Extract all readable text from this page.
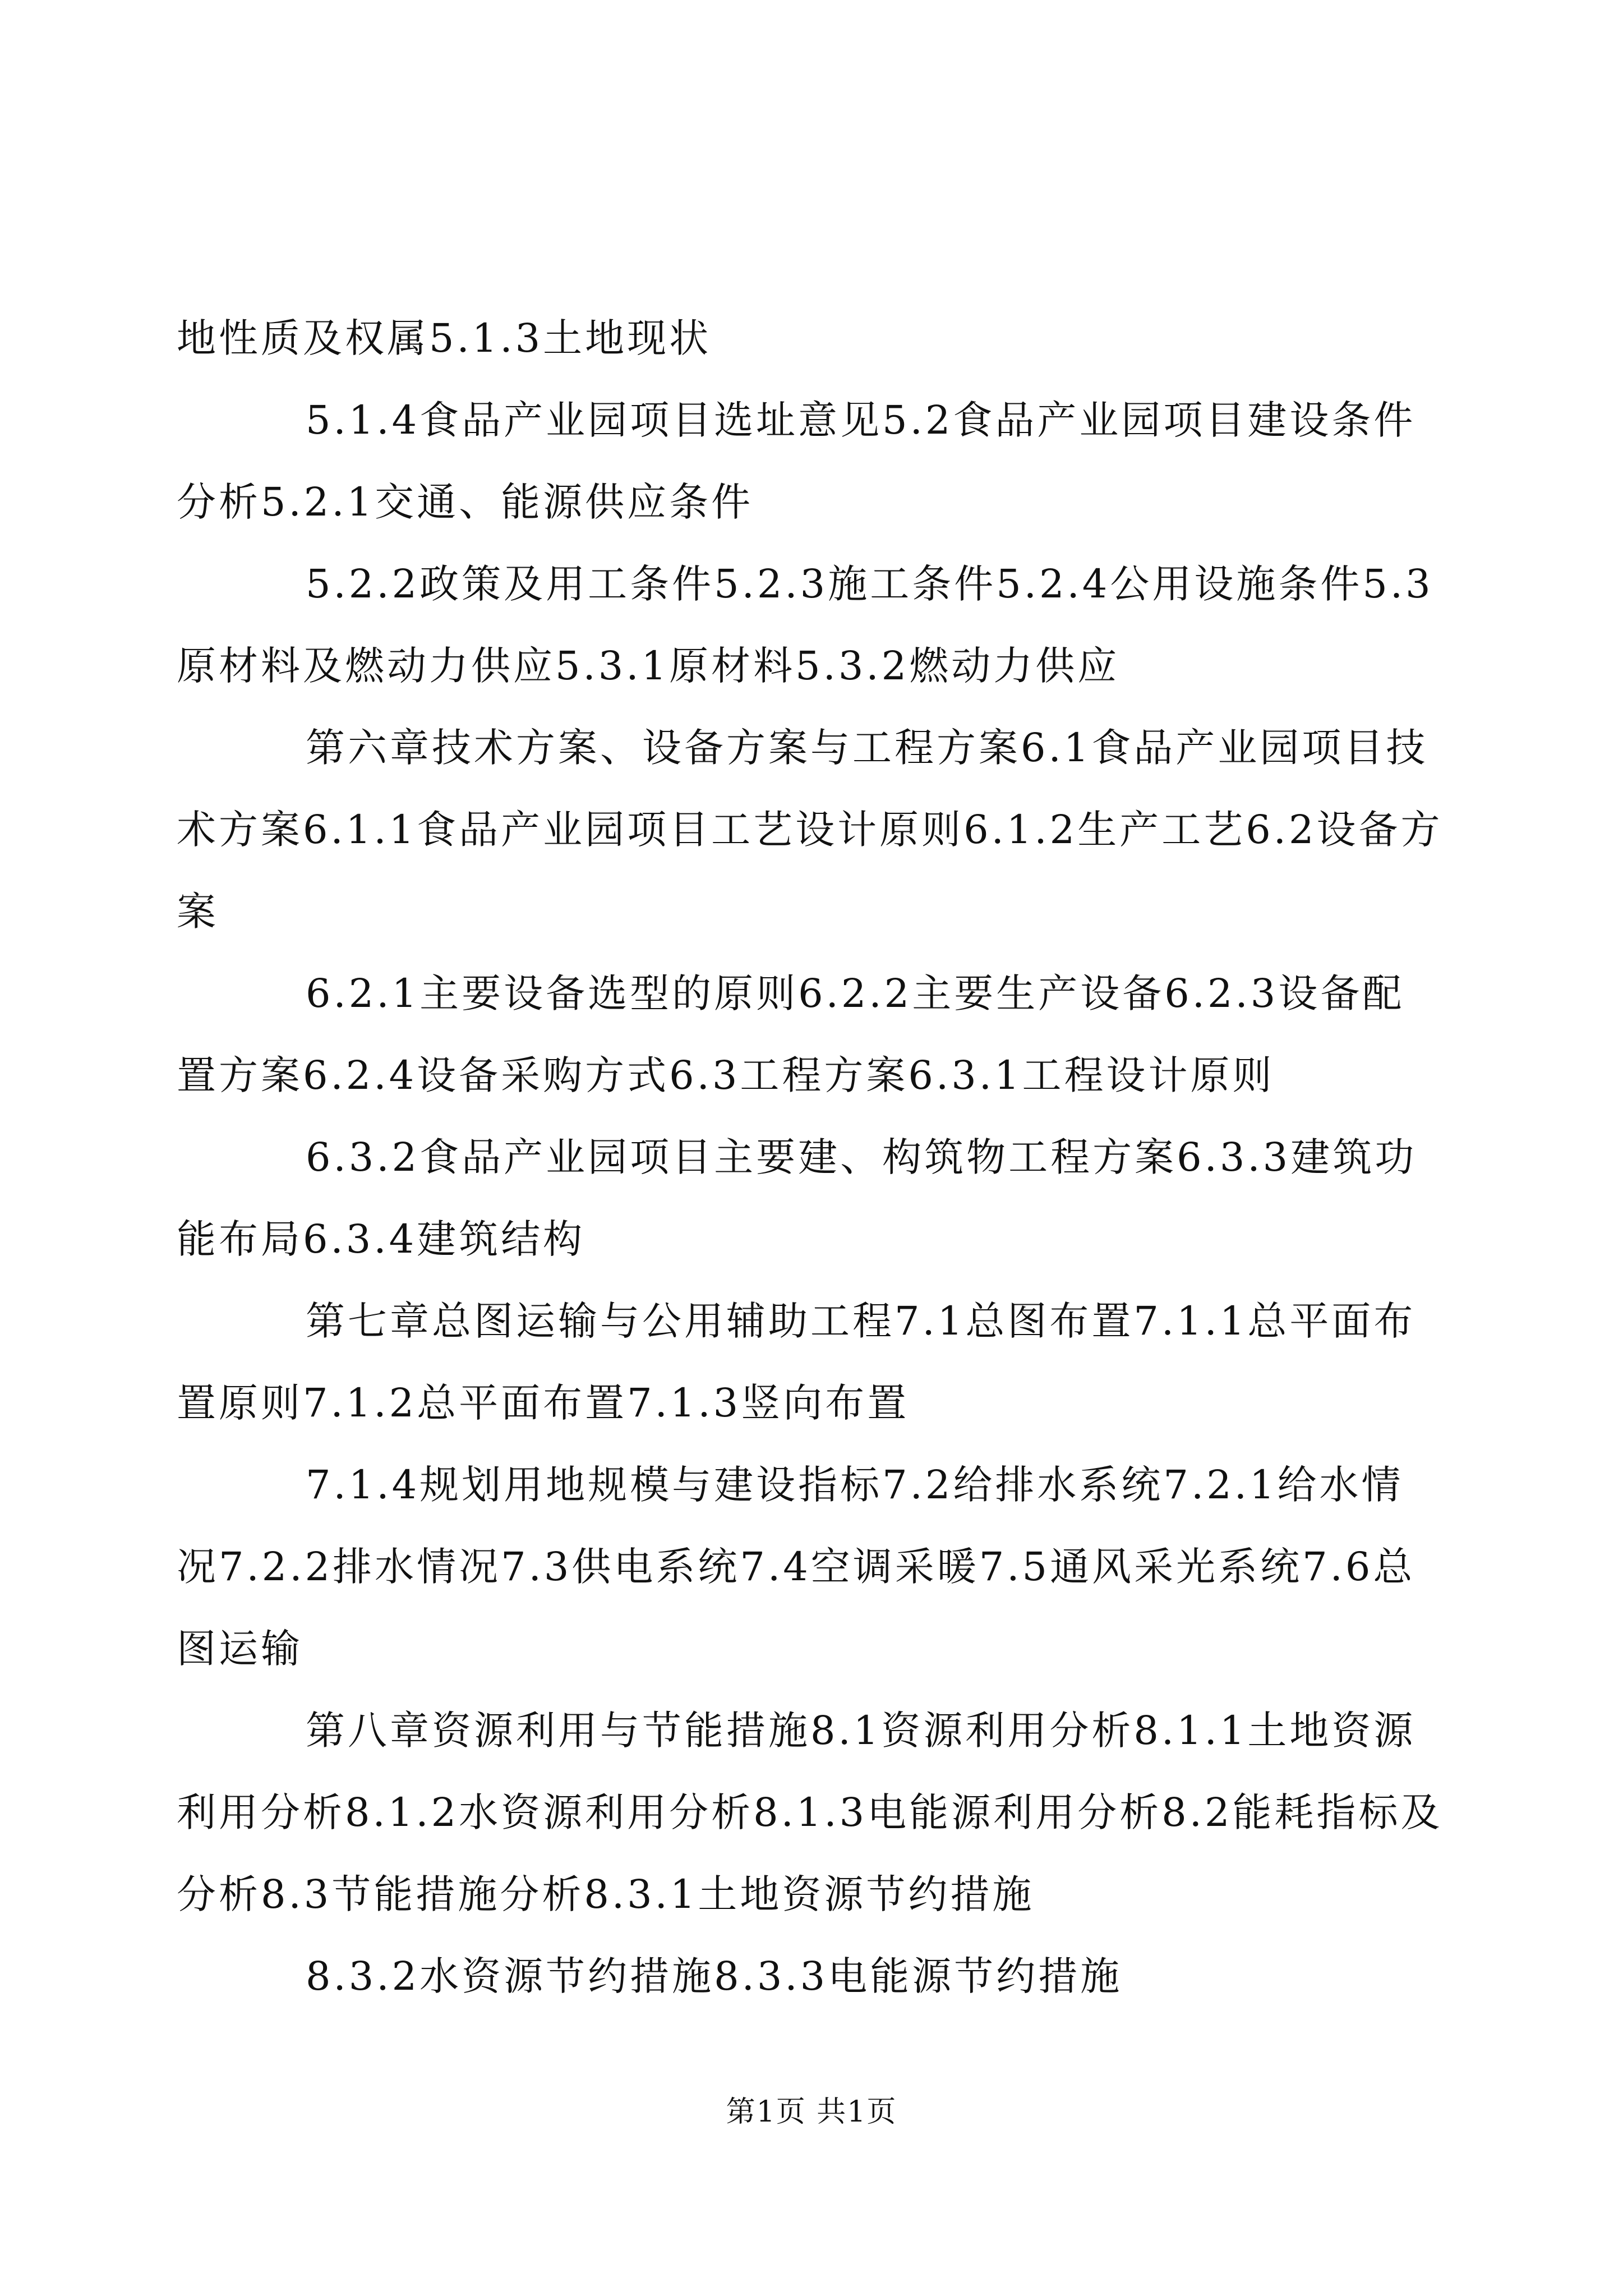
地性质及权属5.1.3土地现状

5.1.4食品产业园项目选址意见5.2食品产业园项目建设条件分析5.2.1交通、能源供应条件

5.2.2政策及用工条件5.2.3施工条件5.2.4公用设施条件5.3原材料及燃动力供应5.3.1原材料5.3.2燃动力供应

第六章技术方案、设备方案与工程方案6.1食品产业园项目技术方案6.1.1食品产业园项目工艺设计原则6.1.2生产工艺6.2设备方案

6.2.1主要设备选型的原则6.2.2主要生产设备6.2.3设备配置方案6.2.4设备采购方式6.3工程方案6.3.1工程设计原则

6.3.2食品产业园项目主要建、构筑物工程方案6.3.3建筑功能布局6.3.4建筑结构

第七章总图运输与公用辅助工程7.1总图布置7.1.1总平面布置原则7.1.2总平面布置7.1.3竖向布置

7.1.4规划用地规模与建设指标7.2给排水系统7.2.1给水情况7.2.2排水情况7.3供电系统7.4空调采暖7.5通风采光系统7.6总图运输

第八章资源利用与节能措施8.1资源利用分析8.1.1土地资源利用分析8.1.2水资源利用分析8.1.3电能源利用分析8.2能耗指标及分析8.3节能措施分析8.3.1土地资源节约措施

8.3.2水资源节约措施8.3.3电能源节约措施

第1页 共1页
